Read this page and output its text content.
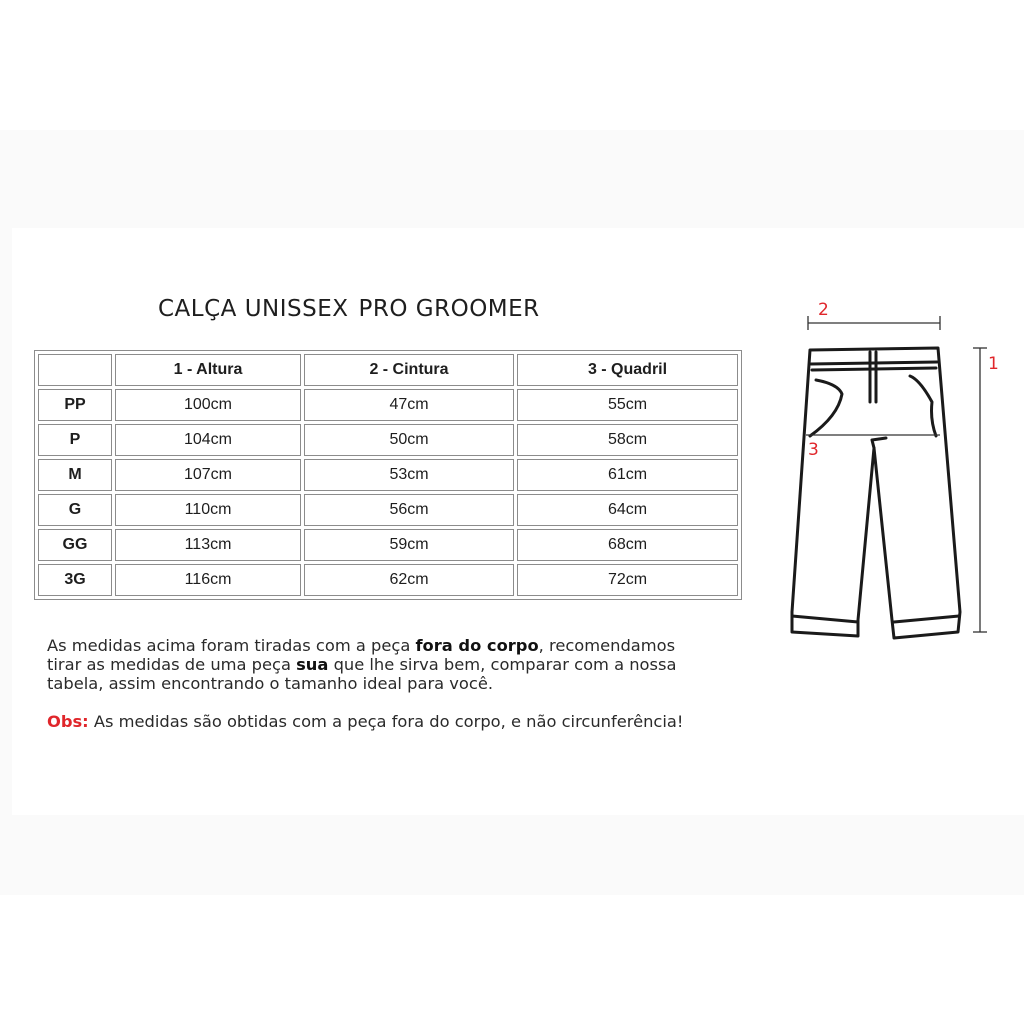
CALÇA UNISSEX PRO GROOMER
	1 - Altura	2 - Cintura	3 - Quadril
PP	100cm	47cm	55cm
P	104cm	50cm	58cm
M	107cm	53cm	61cm
G	110cm	56cm	64cm
GG	113cm	59cm	68cm
3G	116cm	62cm	72cm

As medidas acima foram tiradas com a peça fora do corpo, recomendamos tirar as medidas de uma peça sua que lhe sirva bem, comparar com a nossa tabela, assim encontrando o tamanho ideal para você.

Obs: As medidas são obtidas com a peça fora do corpo, e não circunferência!

2
1
3
